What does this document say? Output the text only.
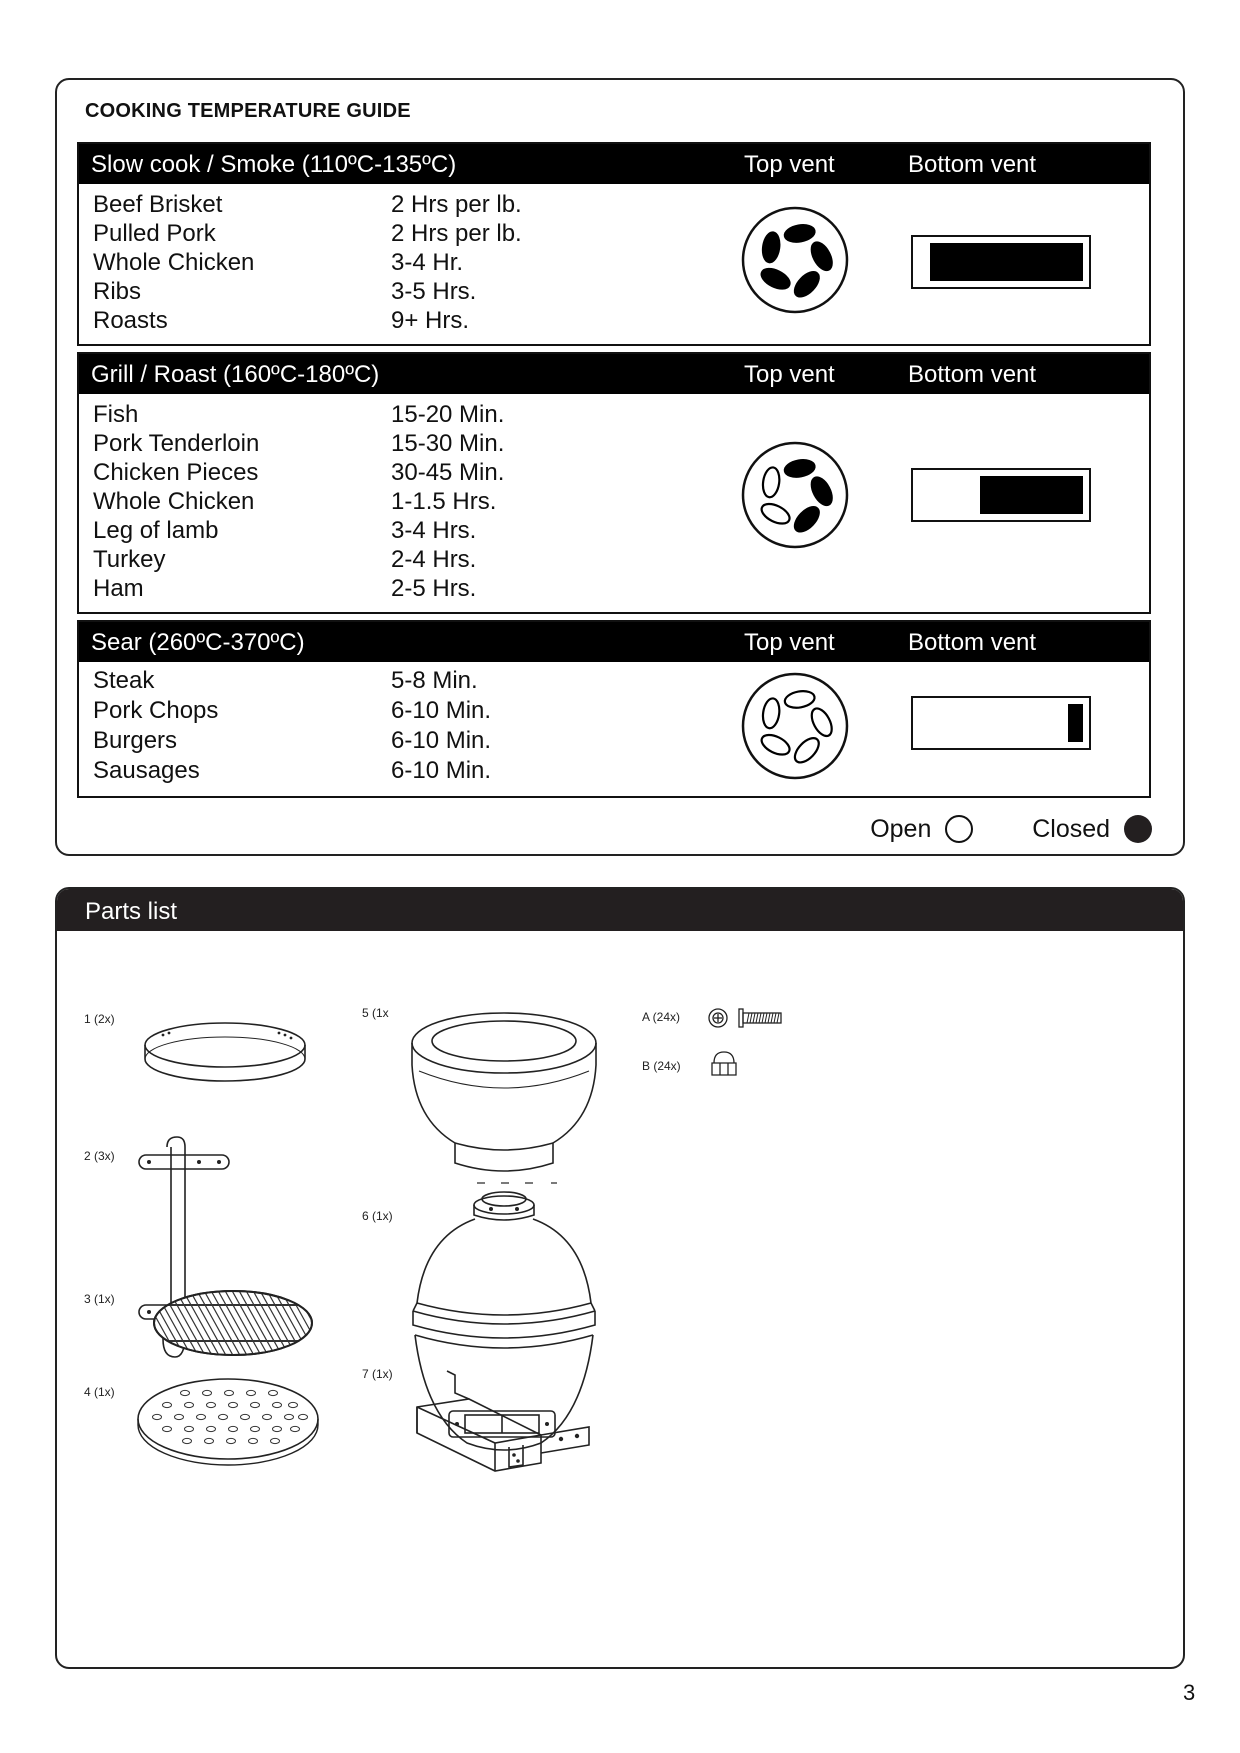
COOKING TEMPERATURE GUIDE
Slow cook / Smoke (110ºC-135ºC)	Top vent	Bottom vent
Beef Brisket	2 Hrs per lb.
Pulled Pork	2 Hrs per lb.
Whole Chicken	3-4 Hr.
Ribs	3-5 Hrs.
Roasts	9+ Hrs.
Grill / Roast (160ºC-180ºC)	Top vent	Bottom vent
Fish	15-20 Min.
Pork Tenderloin	15-30 Min.
Chicken Pieces	30-45 Min.
Whole Chicken	1-1.5 Hrs.
Leg of lamb	3-4 Hrs.
Turkey	2-4 Hrs.
Ham	2-5 Hrs.
Sear (260ºC-370ºC)	Top vent	Bottom vent
Steak	5-8 Min.
Pork Chops	6-10 Min.
Burgers	6-10 Min.
Sausages	6-10 Min.
Open	Closed
Parts list
1 (2x)
2 (3x)
3 (1x)
4 (1x)
5 (1x
6 (1x)
7 (1x)
A (24x)
B (24x)
3
